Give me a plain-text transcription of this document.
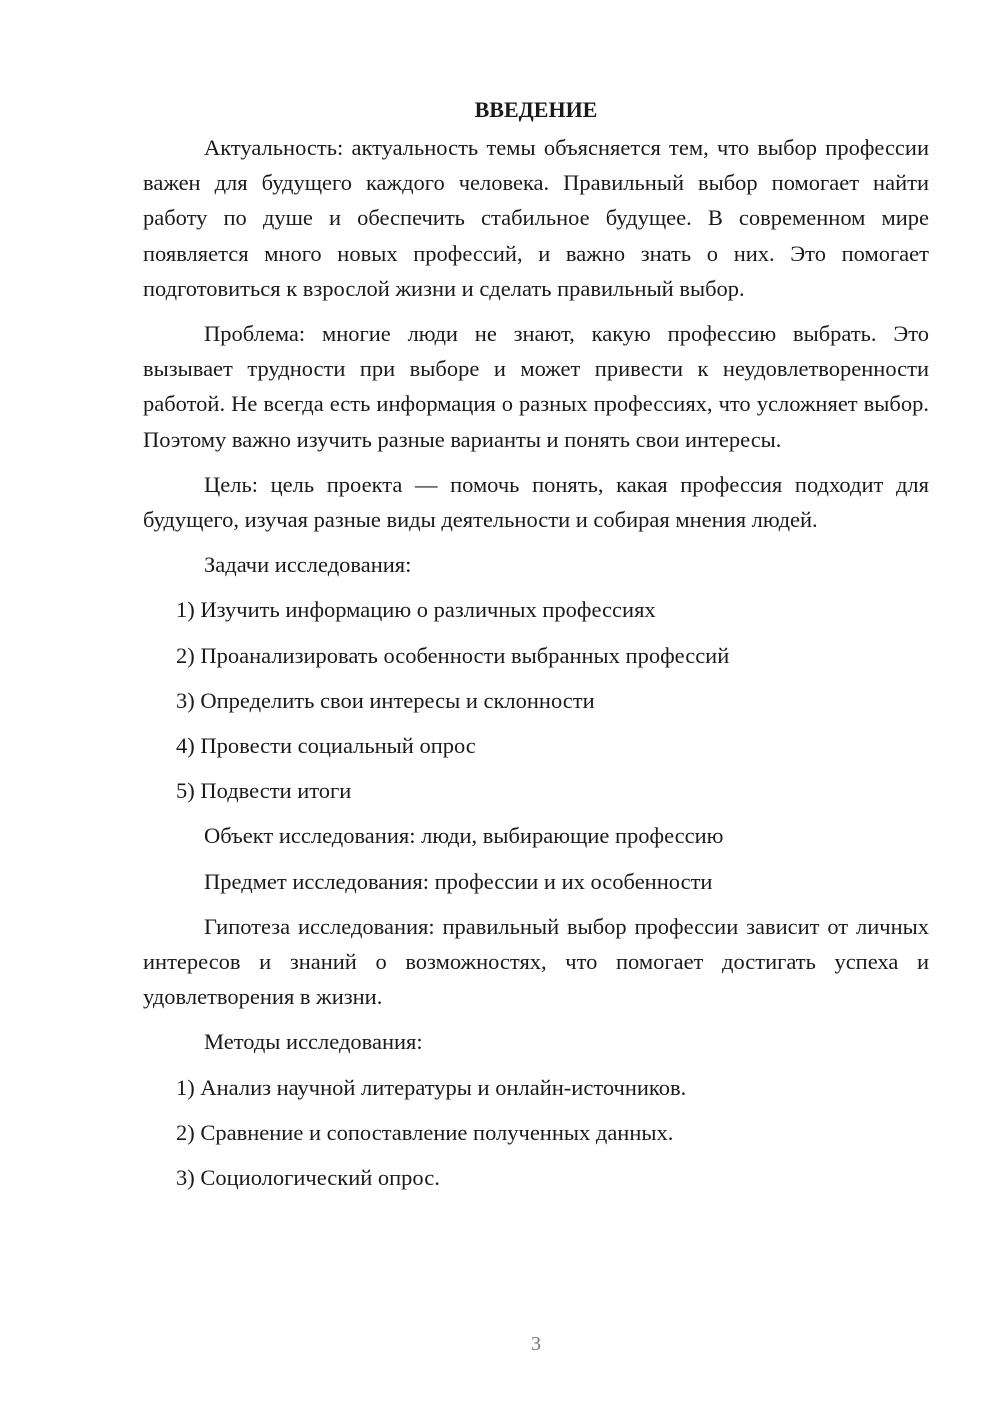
ВВЕДЕНИЕ

Актуальность: актуальность темы объясняется тем, что выбор профессии важен для будущего каждого человека. Правильный выбор помогает найти работу по душе и обеспечить стабильное будущее. В современном мире появляется много новых профессий, и важно знать о них. Это помогает подготовиться к взрослой жизни и сделать правильный выбор.

Проблема: многие люди не знают, какую профессию выбрать. Это вызывает трудности при выборе и может привести к неудовлетворенности работой. Не всегда есть информация о разных профессиях, что усложняет выбор. Поэтому важно изучить разные варианты и понять свои интересы.

Цель: цель проекта — помочь понять, какая профессия подходит для будущего, изучая разные виды деятельности и собирая мнения людей.

Задачи исследования:

1) Изучить информацию о различных профессиях
2) Проанализировать особенности выбранных профессий
3) Определить свои интересы и склонности
4) Провести социальный опрос
5) Подвести итоги

Объект исследования: люди, выбирающие профессию

Предмет исследования: профессии и их особенности

Гипотеза исследования: правильный выбор профессии зависит от личных интересов и знаний о возможностях, что помогает достигать успеха и удовлетворения в жизни.

Методы исследования:

1) Анализ научной литературы и онлайн-источников.
2) Сравнение и сопоставление полученных данных.
3) Социологический опрос.
3
